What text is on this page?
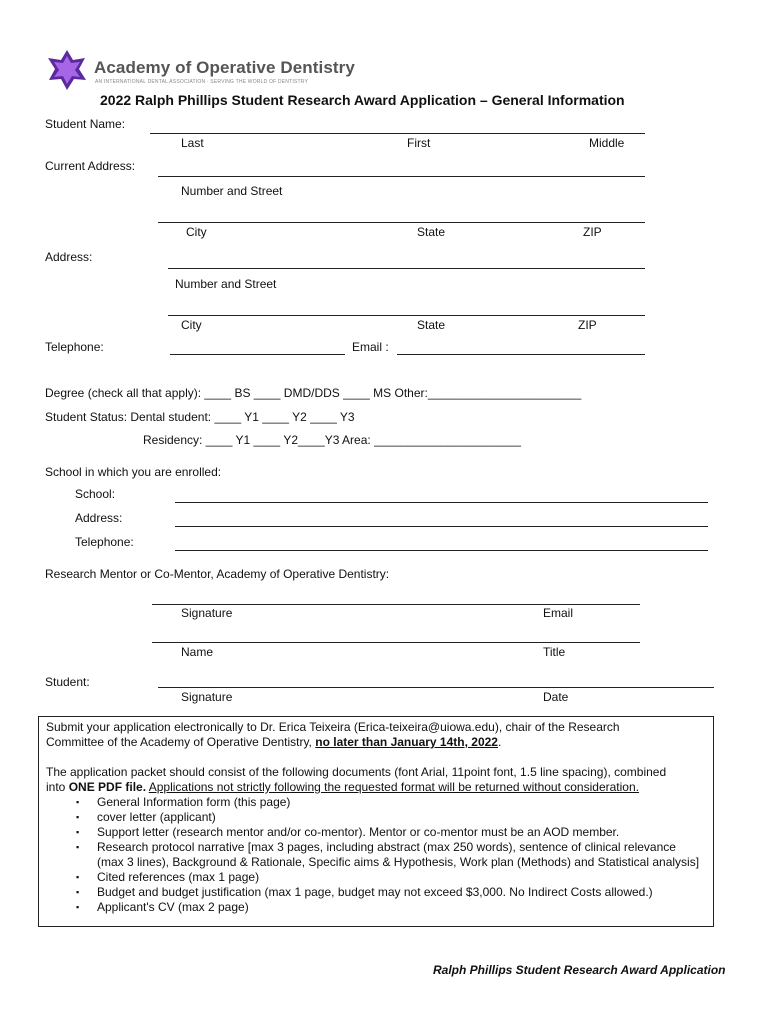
Academy of Operative Dentistry
AN INTERNATIONAL DENTAL ASSOCIATION · SERVING THE WORLD OF DENTISTRY
2022 Ralph Phillips Student Research Award Application – General Information
Student Name:
Last	First	Middle
Current Address:
Number and Street
City	State	ZIP
Address:
Number and Street
City	State	ZIP
Telephone:	Email :
Degree (check all that apply): ____ BS ____ DMD/DDS ____ MS Other:_______________________
Student Status: Dental student: ____ Y1 ____ Y2 ____ Y3
Residency: ____ Y1 ____ Y2____Y3 Area: ______________________
School in which you are enrolled:
School:
Address:
Telephone:
Research Mentor or Co-Mentor, Academy of Operative Dentistry:
Signature	Email
Name	Title
Student:
Signature	Date

Submit your application electronically to Dr. Erica Teixeira (Erica-teixeira@uiowa.edu), chair of the Research
Committee of the Academy of Operative Dentistry, no later than January 14th, 2022.

The application packet should consist of the following documents (font Arial, 11point font, 1.5 line spacing), combined
into ONE PDF file. Applications not strictly following the requested format will be returned without consideration.

▪ General Information form (this page)
▪ cover letter (applicant)
▪ Support letter (research mentor and/or co-mentor). Mentor or co-mentor must be an AOD member.
▪ Research protocol narrative [max 3 pages, including abstract (max 250 words), sentence of clinical relevance (max 3 lines), Background & Rationale, Specific aims & Hypothesis, Work plan (Methods) and Statistical analysis]
▪ Cited references (max 1 page)
▪ Budget and budget justification (max 1 page, budget may not exceed $3,000. No Indirect Costs allowed.)
▪ Applicant's CV (max 2 page)
Ralph Phillips Student Research Award Application
